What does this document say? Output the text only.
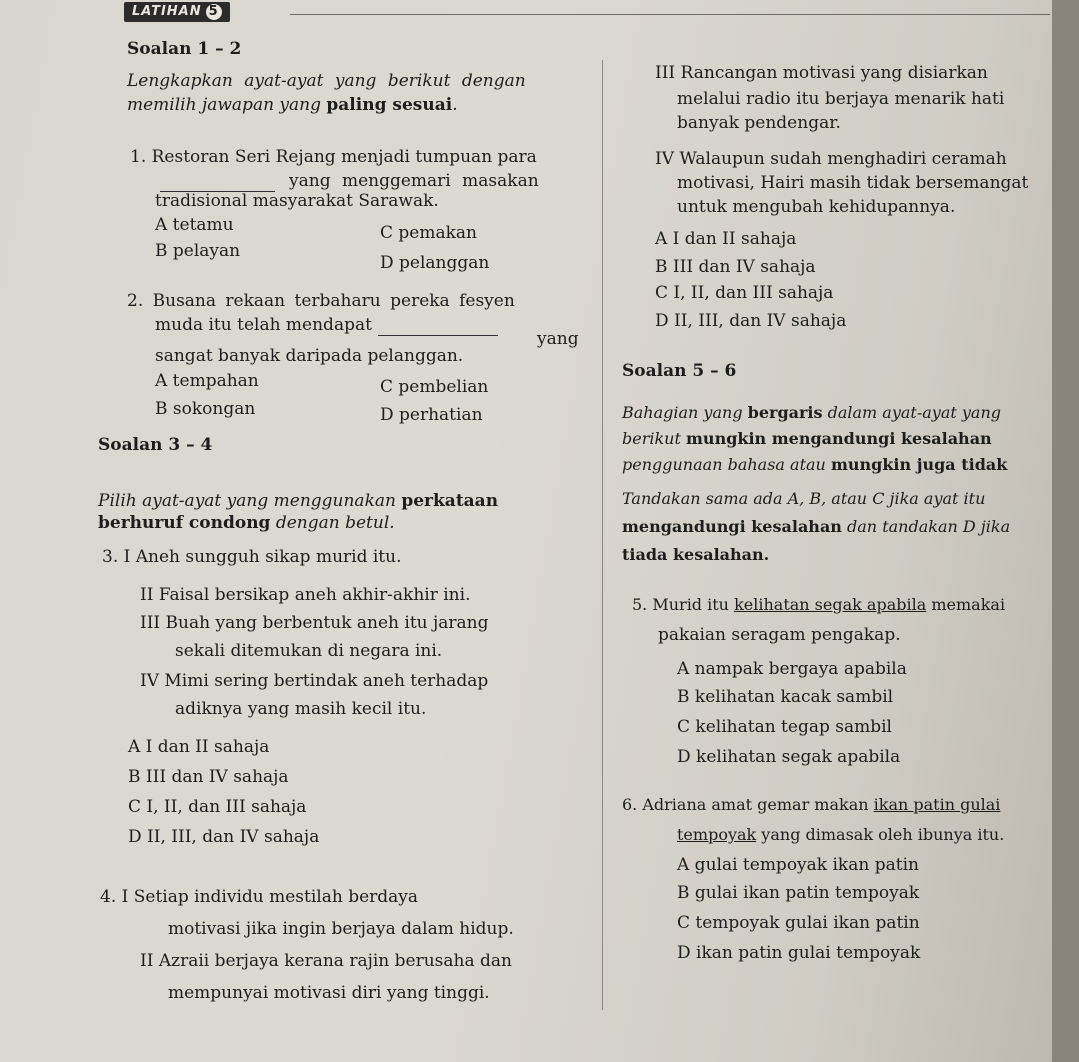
LATIHAN 5
Soalan 1 – 2
Lengkapkan ayat-ayat yang berikut dengan
memilih jawapan yang paling sesuai.
1. Restoran Seri Rejang menjadi tumpuan para
yang menggemari masakan
tradisional masyarakat Sarawak.
A tetamu
B pelayan
C pemakan
D pelanggan
2. Busana rekaan terbaharu pereka fesyen
muda itu telah mendapat
yang
sangat banyak daripada pelanggan.
A tempahan
B sokongan
C pembelian
D perhatian
Soalan 3 – 4
Pilih ayat-ayat yang menggunakan perkataan
berhuruf condong dengan betul.
3. I Aneh sungguh sikap murid itu.
II Faisal bersikap aneh akhir-akhir ini.
III Buah yang berbentuk aneh itu jarang
sekali ditemukan di negara ini.
IV Mimi sering bertindak aneh terhadap
adiknya yang masih kecil itu.
A I dan II sahaja
B III dan IV sahaja
C I, II, dan III sahaja
D II, III, dan IV sahaja
4. I Setiap individu mestilah berdaya
motivasi jika ingin berjaya dalam hidup.
II Azraii berjaya kerana rajin berusaha dan
mempunyai motivasi diri yang tinggi.
III Rancangan motivasi yang disiarkan
melalui radio itu berjaya menarik hati
banyak pendengar.
IV Walaupun sudah menghadiri ceramah
motivasi, Hairi masih tidak bersemangat
untuk mengubah kehidupannya.
A I dan II sahaja
B III dan IV sahaja
C I, II, dan III sahaja
D II, III, dan IV sahaja
Soalan 5 – 6
Bahagian yang bergaris dalam ayat-ayat yang
berikut mungkin mengandungi kesalahan
penggunaan bahasa atau mungkin juga tidak
Tandakan sama ada A, B, atau C jika ayat itu
mengandungi kesalahan dan tandakan D jika
tiada kesalahan.
5. Murid itu kelihatan segak apabila memakai
pakaian seragam pengakap.
A nampak bergaya apabila
B kelihatan kacak sambil
C kelihatan tegap sambil
D kelihatan segak apabila
6. Adriana amat gemar makan ikan patin gulai
tempoyak yang dimasak oleh ibunya itu.
A gulai tempoyak ikan patin
B gulai ikan patin tempoyak
C tempoyak gulai ikan patin
D ikan patin gulai tempoyak
